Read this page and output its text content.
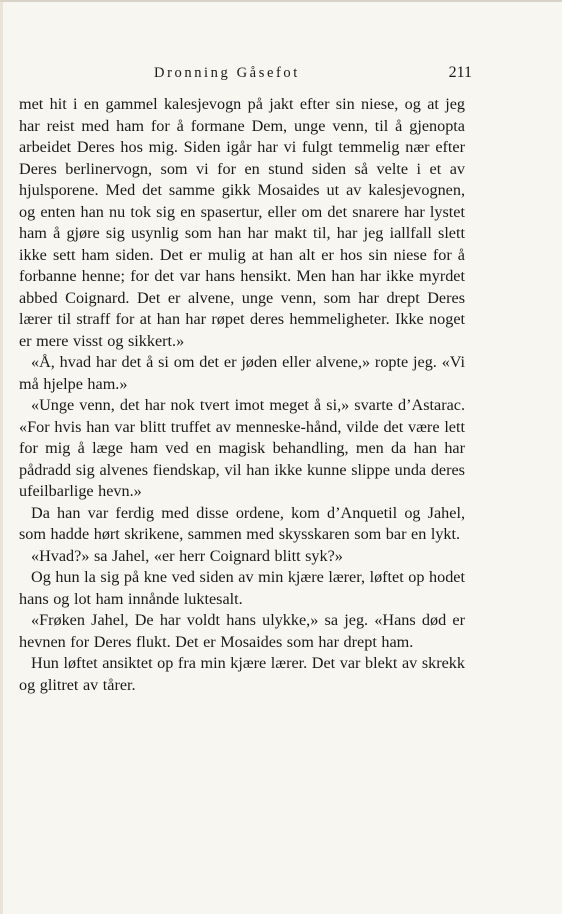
Dronning Gåsefot	211

met hit i en gammel kalesjevogn på jakt efter sin niese, og at jeg har reist med ham for å formane Dem, unge venn, til å gjenopta arbeidet Deres hos mig. Siden igår har vi fulgt temmelig nær efter Deres berlinervogn, som vi for en stund siden så velte i et av hjulsporene. Med det samme gikk Mosaides ut av kalesjevognen, og enten han nu tok sig en spasertur, eller om det snarere har lystet ham å gjøre sig usynlig som han har makt til, har jeg iallfall slett ikke sett ham siden. Det er mulig at han alt er hos sin niese for å forbanne henne; for det var hans hensikt. Men han har ikke myrdet abbed Coignard. Det er alvene, unge venn, som har drept Deres lærer til straff for at han har røpet deres hemmeligheter. Ikke noget er mere visst og sikkert.»

«Å, hvad har det å si om det er jøden eller alvene,» ropte jeg. «Vi må hjelpe ham.»

«Unge venn, det har nok tvert imot meget å si,» svarte d’Astarac. «For hvis han var blitt truffet av menneske‑hånd, vilde det være lett for mig å læge ham ved en magisk behandling, men da han har pådradd sig alvenes fiendskap, vil han ikke kunne slippe unda deres ufeilbarlige hevn.»

Da han var ferdig med disse ordene, kom d’Anquetil og Jahel, som hadde hørt skrikene, sammen med skysskaren som bar en lykt.

«Hvad?» sa Jahel, «er herr Coignard blitt syk?»

Og hun la sig på kne ved siden av min kjære lærer, løftet op hodet hans og lot ham innånde luktesalt.

«Frøken Jahel, De har voldt hans ulykke,» sa jeg. «Hans død er hevnen for Deres flukt. Det er Mosaides som har drept ham.

Hun løftet ansiktet op fra min kjære lærer. Det var blekt av skrekk og glitret av tårer.
